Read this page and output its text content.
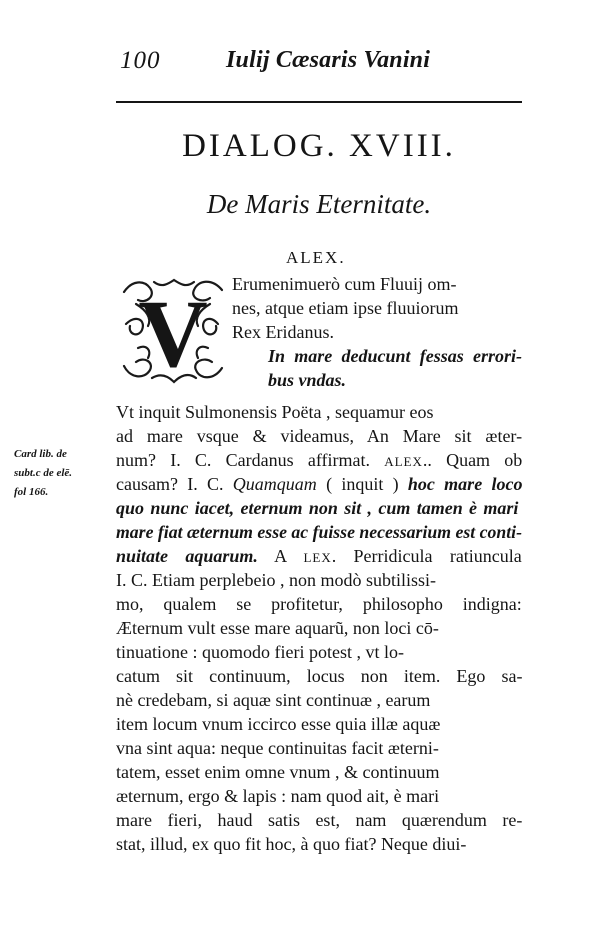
100	Iulij Cæsaris Vanini
DIALOG. XVIII.
De Maris Eternitate.
ALEX.
V
Card lib. de
subt.c de elē.
fol 166.
Erumenimuerò cum Fluuij om-
nes, atque etiam ipse fluuiorum
Rex Eridanus.
In mare deducunt fessas errori-
bus vndas.
Vt inquit Sulmonensis Poëta , sequamur eos
ad mare vsque & videamus, An Mare sit æter-
num? I. C. Cardanus affirmat. ALEX.. Quam ob
causam? I. C. Quamquam ( inquit ) hoc mare loco
quo nunc iacet, eternum non sit , cum tamen è mari
mare fiat æternum esse ac fuisse necessarium est conti-
nuitate aquarum. A LEX. Perridicula ratiuncula
I. C. Etiam perplebeio , non modò subtilissi-
mo, qualem se profitetur, philosopho indigna:
Æternum vult esse mare aquarũ, non loci cō-
tinuatione : quomodo fieri potest , vt lo-
catum sit continuum, locus non item. Ego sa-
nè credebam, si aquæ sint continuæ , earum
item locum vnum iccirco esse quia illæ aquæ
vna sint aqua: neque continuitas facit æterni-
tatem, esset enim omne vnum , & continuum
æternum, ergo & lapis : nam quod ait, è mari
mare fieri, haud satis est, nam quærendum re-
stat, illud, ex quo fit hoc, à quo fiat? Neque diui-
